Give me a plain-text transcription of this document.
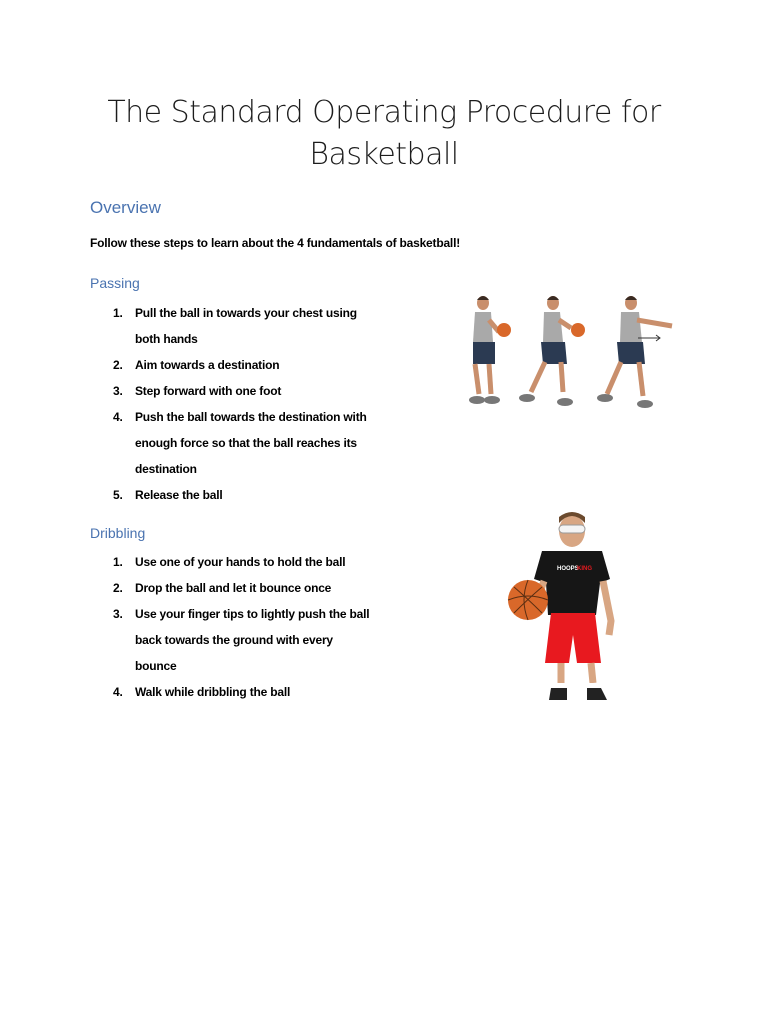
The Standard Operating Procedure for Basketball
Overview
Follow these steps to learn about the 4 fundamentals of basketball!
Passing
1.	Pull the ball in towards your chest using both hands
2.	Aim towards a destination
3.	Step forward with one foot
4.	Push the ball towards the destination with enough force so that the ball reaches its destination
5.	Release the ball
Dribbling
1.	Use one of your hands to hold the ball
2.	Drop the ball and let it bounce once
3.	Use your finger tips to lightly push the ball back towards the ground with every bounce
4.	Walk while dribbling the ball
HOOPS
KING
